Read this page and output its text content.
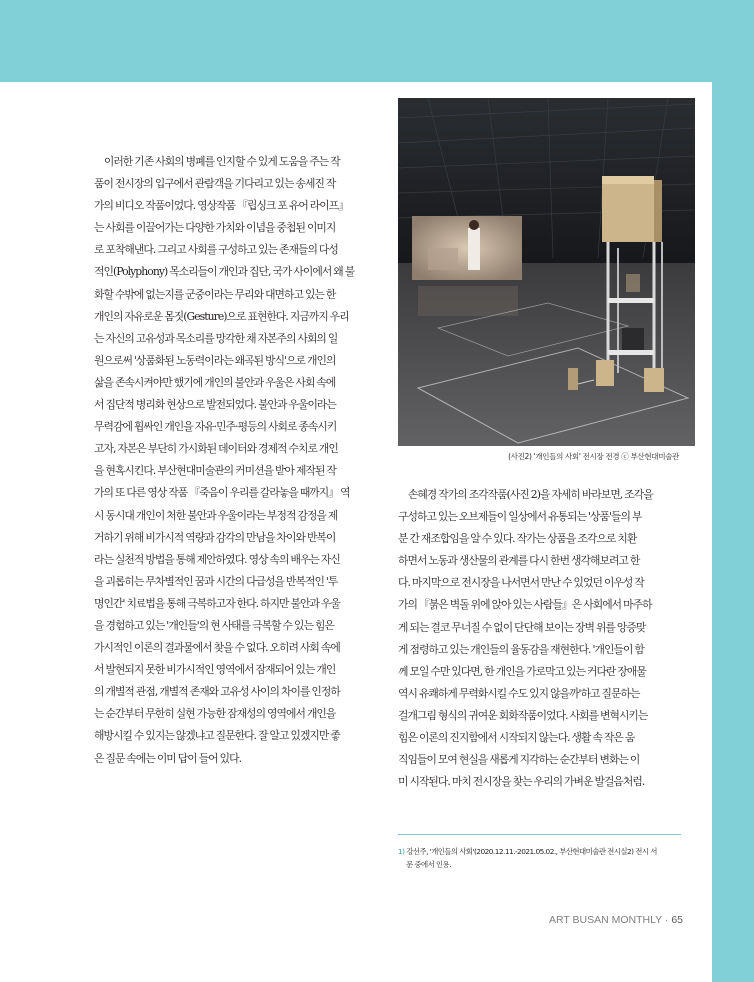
(사진2) '개인들의 사회' 전시장 전경 ⓒ 부산현대미술관
　이러한 기존 사회의 병폐를 인지할 수 있게 도움을 주는 작
품이 전시장의 입구에서 관람객을 기다리고 있는 송세진 작
가의 비디오 작품이었다. 영상작품 『립싱크 포 유어 라이프』
는 사회를 이끌어가는 다양한 가치와 이념을 중첩된 이미지
로 포착해낸다. 그리고 사회를 구성하고 있는 존재들의 다성
적인(Polyphony) 목소리들이 개인과 집단, 국가 사이에서 왜 불
화할 수밖에 없는지를 군중이라는 무리와 대면하고 있는 한
개인의 자유로운 몸짓(Gesture)으로 표현한다. 지금까지 우리
는 자신의 고유성과 목소리를 망각한 채 자본주의 사회의 일
원으로써 '상품화된 노동력이라는 왜곡된 방식'으로 개인의
삶을 존속시켜야만 했기에 개인의 불안과 우울은 사회 속에
서 집단적 병리화 현상으로 발전되었다. 불안과 우울이라는
무력감에 휩싸인 개인을 자유·민주·평등의 사회로 종속시키
고자, 자본은 부단히 가시화된 데이터와 경제적 수치로 개인
을 현혹시킨다. 부산현대미술관의 커미션을 받아 제작된 작
가의 또 다른 영상 작품 『죽음이 우리를 갈라놓을 때까지』 역
시 동시대 개인이 처한 불안과 우울이라는 부정적 감정을 제
거하기 위해 비가시적 역량과 감각의 만남을 차이와 반복이
라는 실천적 방법을 통해 제안하였다. 영상 속의 배우는 자신
을 괴롭히는 무차별적인 꿈과 시간의 다급성을 반복적인 '투
명인간' 치료법을 통해 극복하고자 한다. 하지만 불안과 우울
을 경험하고 있는 '개인들'의 현 사태를 극복할 수 있는 힘은
가시적인 이론의 결과물에서 찾을 수 없다. 오히려 사회 속에
서 발현되지 못한 비가시적인 영역에서 잠재되어 있는 개인
의 개별적 관점, 개별적 존재와 고유성 사이의 차이를 인정하
는 순간부터 무한히 실현 가능한 잠재성의 영역에서 개인을
해방시킬 수 있지는 않겠냐고 질문한다. 잘 알고 있겠지만 좋
은 질문 속에는 이미 답이 들어 있다.
　손혜경 작가의 조각작품(사진 2)을 자세히 바라보면, 조각을
구성하고 있는 오브제들이 일상에서 유통되는 '상품'들의 부
분 간 재조합임을 알 수 있다. 작가는 상품을 조각으로 치환
하면서 노동과 생산물의 관계를 다시 한번 생각해보려고 한
다. 마지막으로 전시장을 나서면서 만난 수 있었던 이우성 작
가의 『붉은 벽돌 위에 앉아 있는 사람들』은 사회에서 마주하
게 되는 결코 무너질 수 없이 단단해 보이는 장벽 위를 앙증맞
게 점령하고 있는 개인들의 율동감을 재현한다. '개인들이 함
께 모일 수만 있다면, 한 개인을 가로막고 있는 커다란 장애물
역시 유쾌하게 무력화시킬 수도 있지 않을까'하고 질문하는
걸개그림 형식의 귀여운 회화작품이었다. 사회를 변혁시키는
힘은 이론의 진지함에서 시작되지 않는다. 생활 속 작은 움
직임들이 모여 현실을 새롭게 지각하는 순간부터 변화는 이
미 시작된다. 마치 전시장을 찾는 우리의 가벼운 발걸음처럼.
1) 강선주, '개인들의 사회'(2020.12.11.-2021.05.02., 부산현대미술관 전시실2) 전시 서
문 중에서 인용.
ART BUSAN MONTHLY · 65
